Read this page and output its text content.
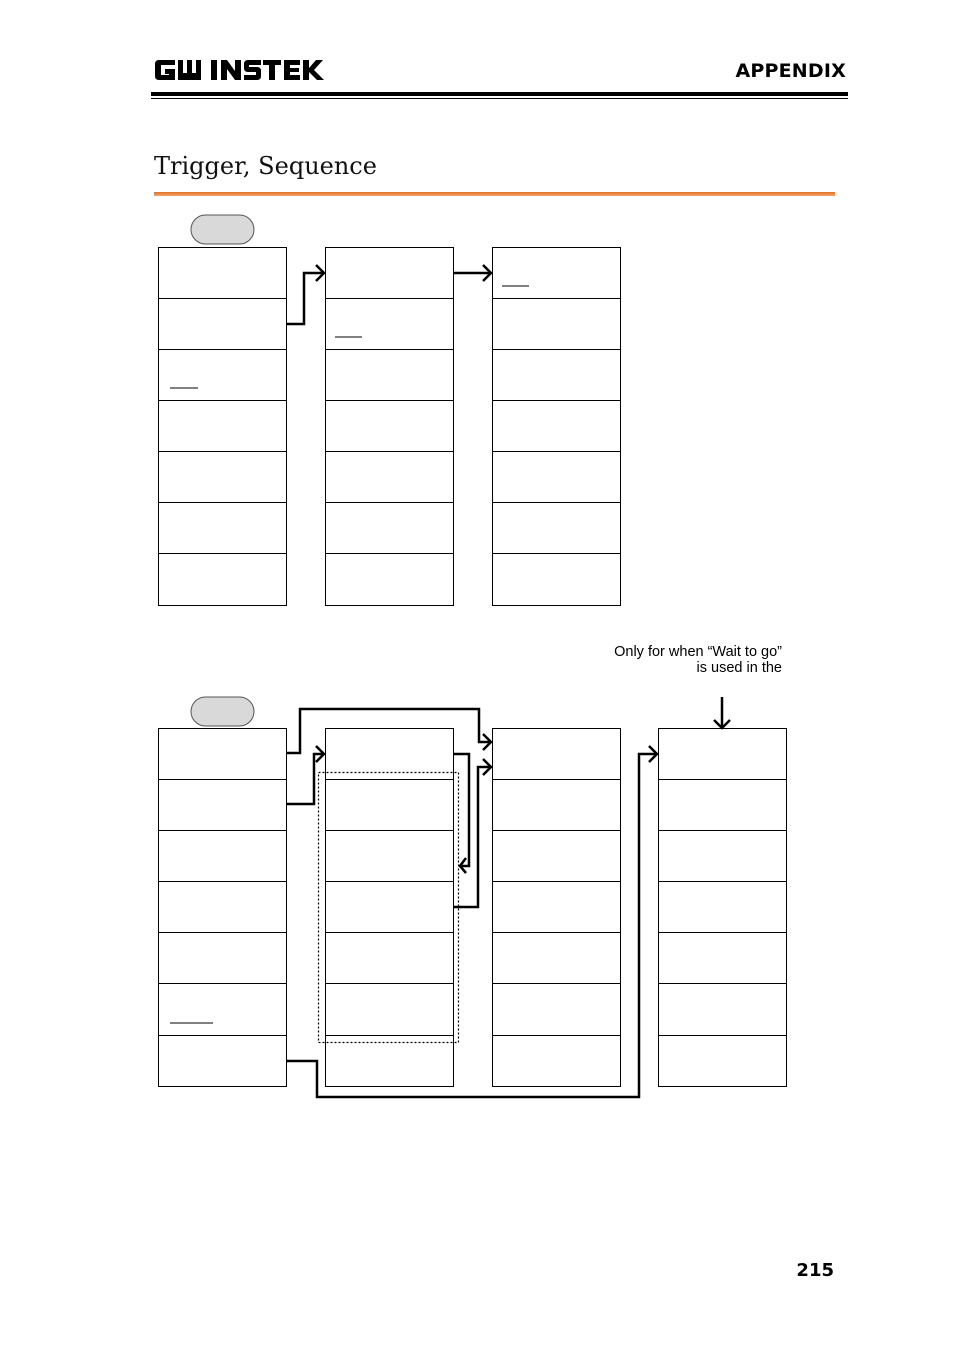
APPENDIX
Trigger, Sequence
Only for when “Wait to go” is used in the
215
